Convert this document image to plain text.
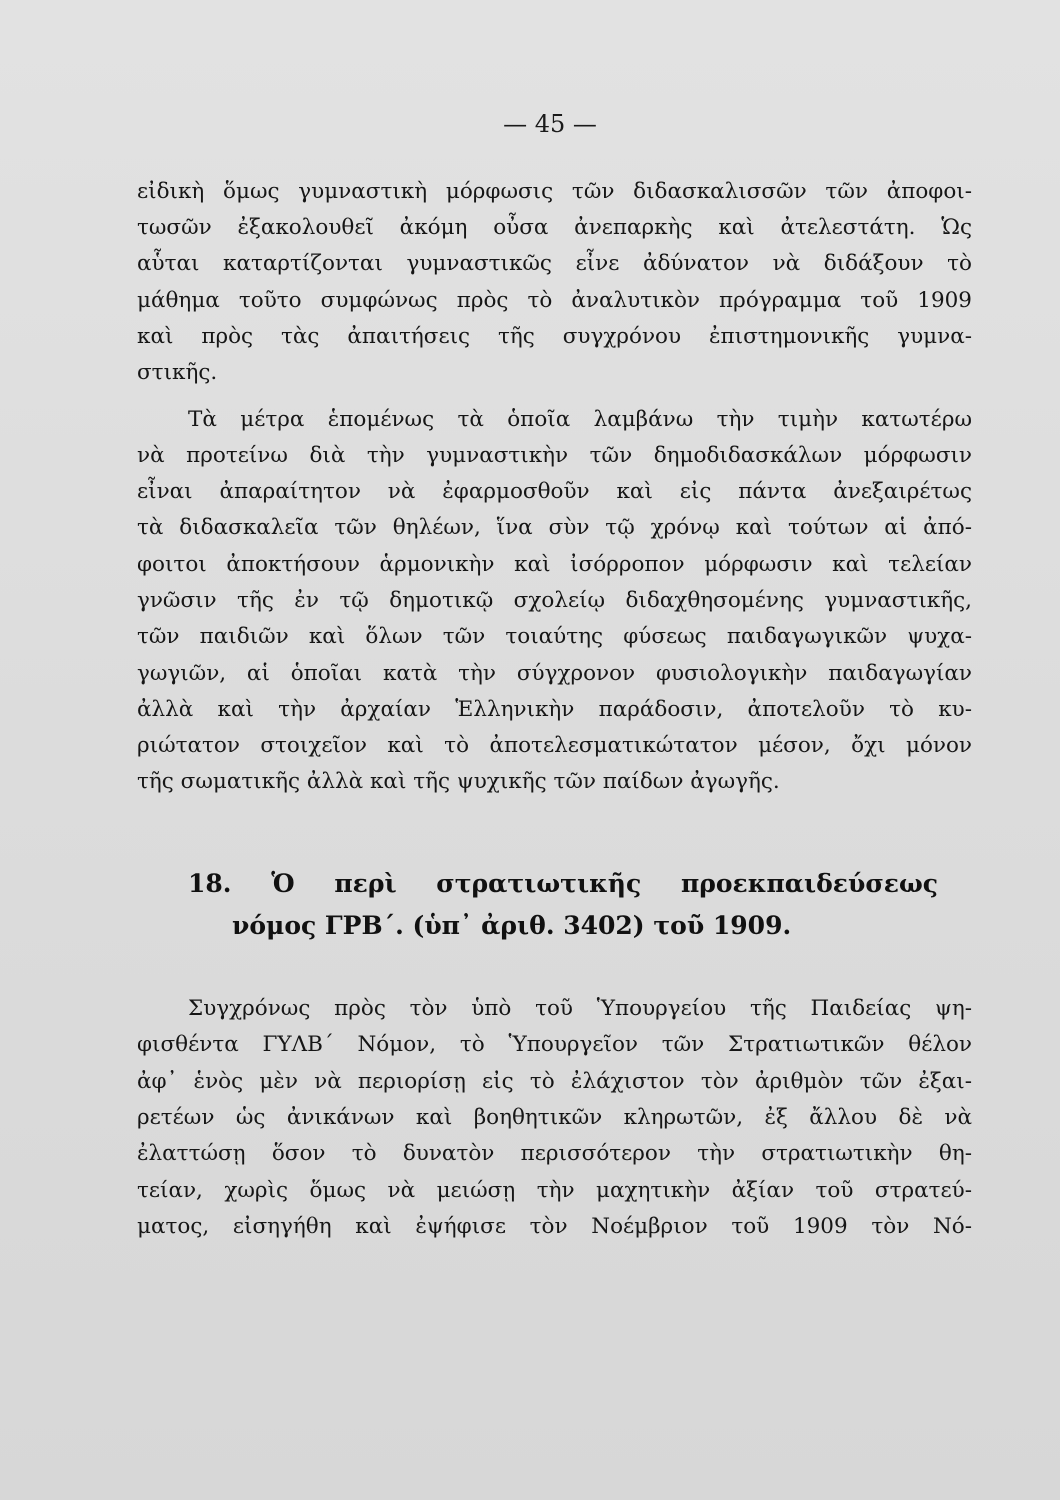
— 45 —
εἰδικὴ ὅμως γυμναστικὴ μόρφωσις τῶν διδασκαλισσῶν τῶν ἀποφοι-
τωσῶν ἐξακολουθεῖ ἀκόμη οὖσα ἀνεπαρκὴς καὶ ἀτελεστάτη. Ὡς
αὗται καταρτίζονται γυμναστικῶς εἶνε ἀδύνατον νὰ διδάξουν τὸ
μάθημα τοῦτο συμφώνως πρὸς τὸ ἀναλυτικὸν πρόγραμμα τοῦ 1909
καὶ πρὸς τὰς ἀπαιτήσεις τῆς συγχρόνου ἐπιστημονικῆς γυμνα-
στικῆς.
Τὰ μέτρα ἑπομένως τὰ ὁποῖα λαμβάνω τὴν τιμὴν κατωτέρω
νὰ προτείνω διὰ τὴν γυμναστικὴν τῶν δημοδιδασκάλων μόρφωσιν
εἶναι ἀπαραίτητον νὰ ἐφαρμοσθοῦν καὶ εἰς πάντα ἀνεξαιρέτως
τὰ διδασκαλεῖα τῶν θηλέων, ἵνα σὺν τῷ χρόνῳ καὶ τούτων αἱ ἀπό-
φοιτοι ἀποκτήσουν ἁρμονικὴν καὶ ἰσόρροπον μόρφωσιν καὶ τελείαν
γνῶσιν τῆς ἐν τῷ δημοτικῷ σχολείῳ διδαχθησομένης γυμναστικῆς,
τῶν παιδιῶν καὶ ὅλων τῶν τοιαύτης φύσεως παιδαγωγικῶν ψυχα-
γωγιῶν, αἱ ὁποῖαι κατὰ τὴν σύγχρονον φυσιολογικὴν παιδαγωγίαν
ἀλλὰ καὶ τὴν ἀρχαίαν Ἑλληνικὴν παράδοσιν, ἀποτελοῦν τὸ κυ-
ριώτατον στοιχεῖον καὶ τὸ ἀποτελεσματικώτατον μέσον, ὄχι μόνον
τῆς σωματικῆς ἀλλὰ καὶ τῆς ψυχικῆς τῶν παίδων ἀγωγῆς.
18. Ὁ περὶ στρατιωτικῆς προεκπαιδεύσεως
νόμος ΓΡΒ΄. (ὑπ᾽ ἀριθ. 3402) τοῦ 1909.
Συγχρόνως πρὸς τὸν ὑπὸ τοῦ Ὑπουργείου τῆς Παιδείας ψη-
φισθέντα ΓΥΛΒ΄ Νόμον, τὸ Ὑπουργεῖον τῶν Στρατιωτικῶν θέλον
ἀφ᾽ ἑνὸς μὲν νὰ περιορίσῃ εἰς τὸ ἐλάχιστον τὸν ἀριθμὸν τῶν ἐξαι-
ρετέων ὡς ἀνικάνων καὶ βοηθητικῶν κληρωτῶν, ἐξ ἄλλου δὲ νὰ
ἐλαττώσῃ ὅσον τὸ δυνατὸν περισσότερον τὴν στρατιωτικὴν θη-
τείαν, χωρὶς ὅμως νὰ μειώσῃ τὴν μαχητικὴν ἀξίαν τοῦ στρατεύ-
ματος, εἰσηγήθη καὶ ἐψήφισε τὸν Νοέμβριον τοῦ 1909 τὸν Νό-
